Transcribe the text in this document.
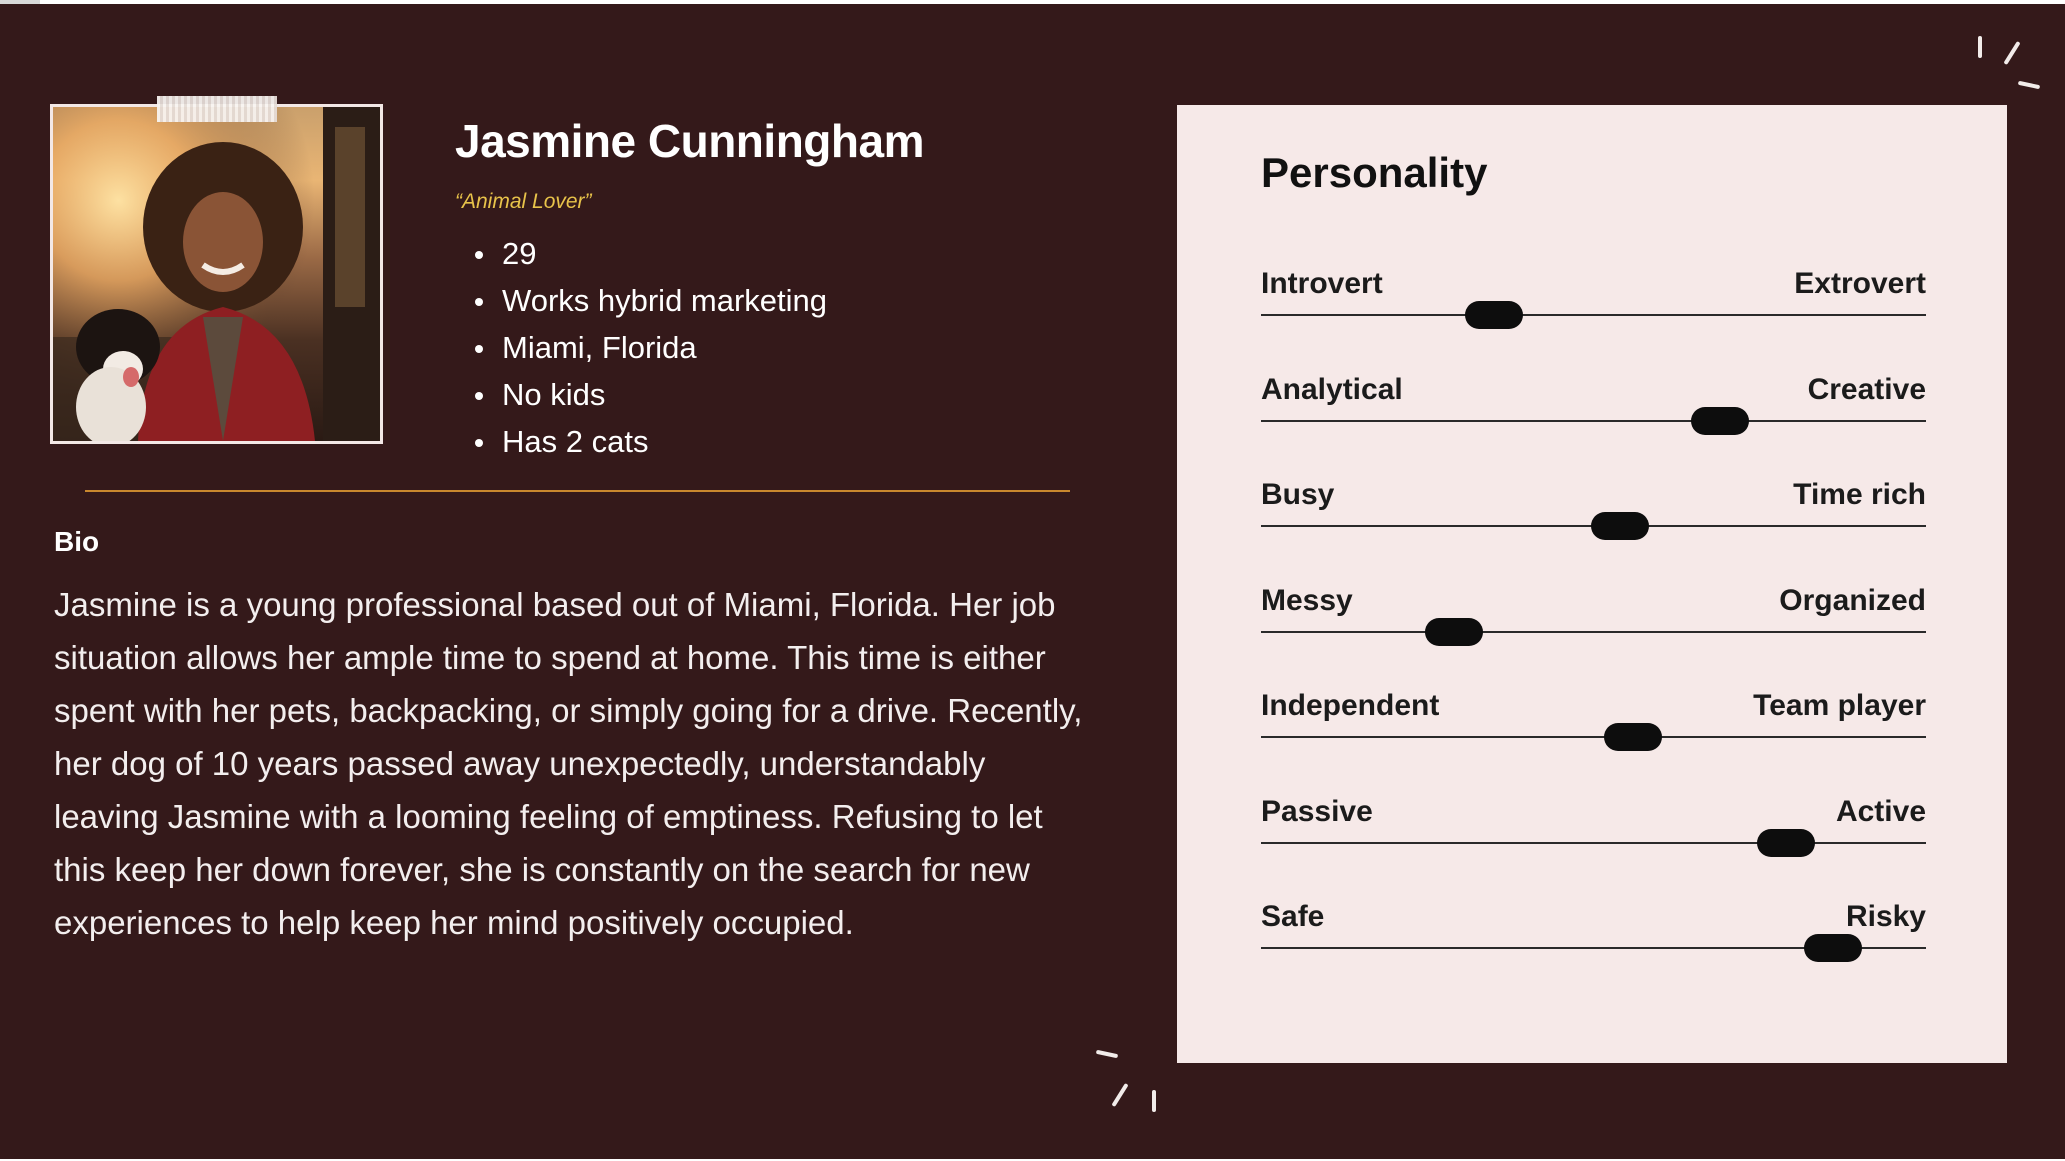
Jasmine Cunningham
“Animal Lover”
29
Works hybrid marketing
Miami, Florida
No kids
Has 2 cats
Bio

Jasmine is a young professional based out of Miami, Florida. Her job situation allows her ample time to spend at home. This time is either spent with her pets, backpacking, or simply going for a drive. Recently, her dog of 10 years passed away unexpectedly, understandably leaving Jasmine with a looming feeling of emptiness. Refusing to let this keep her down forever, she is constantly on the search for new experiences to help keep her mind positively occupied.

Personality
Introvert	Extrovert
Analytical	Creative
Busy	Time rich
Messy	Organized
Independent	Team player
Passive	Active
Safe	Risky
